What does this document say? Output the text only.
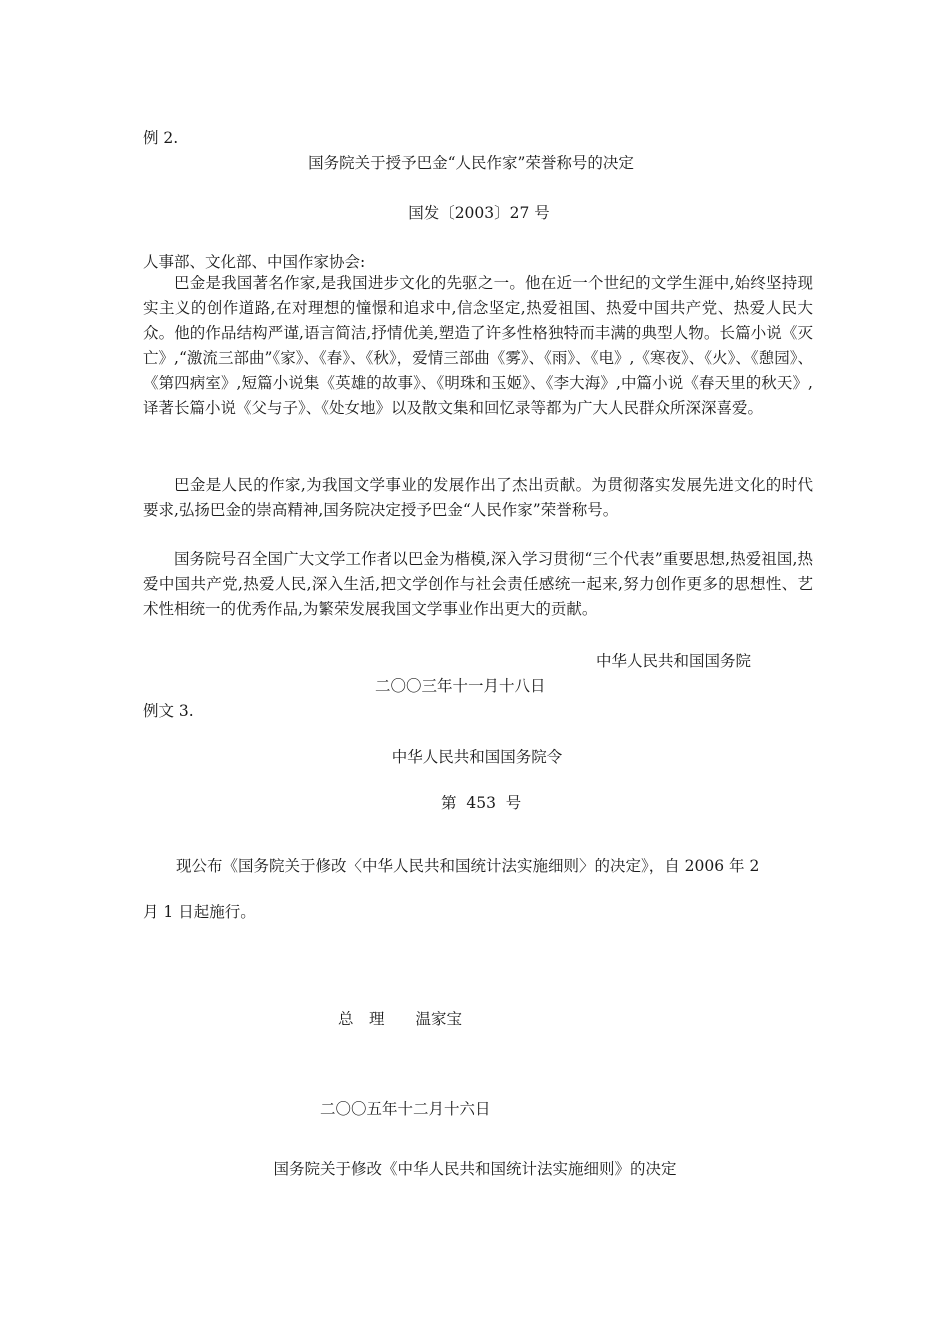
例 2.
国务院关于授予巴金“人民作家”荣誉称号的决定
国发〔2003〕27 号
人事部、文化部、中国作家协会:
巴金是我国著名作家,是我国进步文化的先驱之一。他在近一个世纪的文学生涯中,始终坚持现实主义的创作道路,在对理想的憧憬和追求中,信念坚定,热爱祖国、热爱中国共产党、热爱人民大众。他的作品结构严谨,语言简洁,抒情优美,塑造了许多性格独特而丰满的典型人物。长篇小说《灭亡》,“激流三部曲”《家》、《春》、《秋》，爱情三部曲《雾》、《雨》、《电》,《寒夜》、《火》、《憩园》、《第四病室》,短篇小说集《英雄的故事》、《明珠和玉姬》、《李大海》,中篇小说《春天里的秋天》,译著长篇小说《父与子》、《处女地》以及散文集和回忆录等都为广大人民群众所深深喜爱。
巴金是人民的作家,为我国文学事业的发展作出了杰出贡献。为贯彻落实发展先进文化的时代要求,弘扬巴金的崇高精神,国务院决定授予巴金“人民作家”荣誉称号。
国务院号召全国广大文学工作者以巴金为楷模,深入学习贯彻“三个代表”重要思想,热爱祖国,热爱中国共产党,热爱人民,深入生活,把文学创作与社会责任感统一起来,努力创作更多的思想性、艺术性相统一的优秀作品,为繁荣发展我国文学事业作出更大的贡献。
中华人民共和国国务院
二〇〇三年十一月十八日
例文 3.
中华人民共和国国务院令
第  453  号
现公布《国务院关于修改〈中华人民共和国统计法实施细则〉的决定》，自 2006 年 2
月 1 日起施行。
总　理　　温家宝
二〇〇五年十二月十六日
国务院关于修改《中华人民共和国统计法实施细则》的决定
